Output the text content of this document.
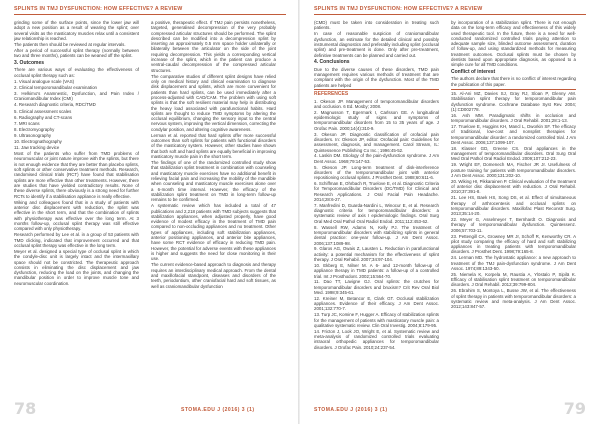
SPLINTS IN TMJ DYSFUNCTION: HOW EFFECTIVE? A REVIEW

grinding some of the surface points, since the lower jaw will adopt a new position as a result of wearing the splint; over several visits as the masticatory muscles relax until a consistent jaw relationship is reached.

The patients then should be reviewed at regular intervals.

After a period of successful splint therapy (normally between two and three months), patients can be weaned off the splint.

3. Outcomes

There are various ways of evaluating the effectiveness of occlusal splint therapy such as:

1. Visual analogue scale (VAS)

2. Clinical temporomandibular examination

3. Helkimo's Anamnestic, Dysfunction, and Pain Index / Craniomandibular Index (CMI)

4. Research diagnostic criteria, RDC/TMD

5. Clinical assessment scales

6. Radiography and CT-scans

7. MRI scans

8. Electromyography

9. Ultrasonography

10. Electrognathography

11. Jaw tracking device

Most of the patients who suffer from TMD problems of neuromuscular or joint nature improve with the splints, but there is not enough evidence that they are better than placebo splints, soft splints or other conservative treatment methods. Research, randomised clinical trials (RCT) have found that stabilisation splints are more effective than other treatments. However, there are studies that have yielded contradictory results. None of these diverse splints, there obviously is a strong need for further RCTs to identify if a stabilisation appliance is really effective.

Wiking and colleagues found that in a study of patients with anterior disc displacement with reduction, the splint was effective in the short term, and that the combination of splints with physiotherapy was effective over the long term. At 3 months follow-up, occlusal splint therapy was still effective compared with only physiotherapy.

Research performed by Lee et al. in a group of 53 patients with TMD clicking, indicated that improvement occurred and that occlusal splint therapy was effective in the long term.

Meyer et al. designed a special type of occlusal splint in which the condyle-disc unit is largely intact and the intermaxillary space should not be constricted. The therapeutic approach consists in eliminating the disc displacement and jaw dysfunction, reducing the load on the joints, and changing the mandibular position in order to improve muscle tone and neuromuscular coordination.

a positive, therapeutic effect. If TMJ pain persists nonetheless, targeted, generalised decompression of the very probably compressed articular structures should be performed. The splint described can be modified into a decompression splint by inserting an approximately 0.5 mm space holder unilaterally or bilaterally between the articulator on the side of the joint requiring decompression. This yields a corresponding vertical increase of the splint, which in the patient can produce a ventral-caudal decompression of the compressed articular structures.

The comparative studies of different splint designs have relied only on medical history and clinical examination to diagnose disk displacement and splints, which are more convenient for patients than hard splints, can be used immediately after a process-adjusted with CAD/CAM. The problem with using soft splints is that the soft resilient material may help in distributing the heavy load associated with parafunctional habits. Hard splints are thought to reduce TMD symptoms by altering the occlusal equilibrium, changing the sensory input to the central nervous system, improving the vertical dimension, correcting the condylar position, and altering cognitive awareness.

Lerman et al. reported that hard splints offer more successful outcomes than soft splints for patients with functional disorders of the masticatory system. However, other studies have shown that both soft and hard splints are equally beneficial in improving masticatory muscle pain in the short term.

The findings of one of the randomized controlled study show that stabilization splint treatment in combination with counseling and masticatory muscle exercises have no additional benefit in relieving facial pain and increasing the mobility of the mandible when counseling and masticatory muscle exercises alone over a 6-month time interval. However, the efficacy of the stabilization splint treatment on TMD in long-term follow-up remains to be confirmed.

A systematic review which has included a total of 47 publications and 2,218 patients with TMD subjects suggests that stabilization appliances, when adjusted properly, have good evidence of modest efficacy in the treatment of TMD pain compared to non-occluding appliances and no treatment. Other types of appliances, including soft stabilization appliances, anterior positioning appliances, and anterior bite appliances, have some RCT evidence of efficacy in reducing TMD pain. However, the potential for adverse events with these appliances is higher and suggests the need for close monitoring in their use.

The current evidence-based approach to diagnosis and therapy requires an interdisciplinary medical approach. From the dental and maxillofacial standpoint, diseases and disorders of the teeth, periodontium, other craniofacial hard and soft tissues, as well as craniomandibular dysfunction

78	STOMA.EDU J (2016) 3 (1)
SPLINTS IN TMJ DYSFUNCTION: HOW EFFECTIVE? A REVIEW

(CMD) must be taken into consideration in treating such patients.

In case of reasonable suspicion of craniomandibular dysfunction, an estimate for the detailed clinical and possibly instrumental diagnostics and preferably including splint (occlusal splint) and pre-treatment is done. Only after pre-treatment, definitive treatments can be planned and carried out.

4. Conclusions

Due to the diverse causes of these disorders, TMD pain management requires various methods of treatment that are compliant with the origin of the dysfunction. Most of the TMD patients are helped

REFERENCES
1. Okeson JP. Management of temporomandibular disorders and occlusion. 6 Ed. Mosby; 2008.
2. Magnusson T, Egermark I, Carlsson GE. A longitudinal epidemiologic study of signs and symptoms of temporomandibular disorders from 15 to 35 years of age. J Orofac Pain. 2000;14(4):310-9.
3. Okeson JP. Diagnostic classification of orofacial pain disorders. In: Okeson JP, editor. Orofacial pain: Guidelines for assessment, diagnosis, and management. Carol Stream, IL: Quintessence Publishing Co Inc.; 1996:45-52.
4. Laskin DM. Etiology of the pain-dysfunction syndrome. J Am Dent Assoc. 1969;79:147-53.
5. Okeson JP. Long-term treatment of disk-interference disorders of the temporomandibular joint with anterior repositioning occlusal splints. J Prosthet Dent. 1988;60:611-6.
6. Schiffman E, Ohrbach R, Truelove E, et al. Diagnostic Criteria for Temporomandibular Disorders (DC/TMD) for Clinical and Research Applications. J Oral Facial Pain Headache. 2014;28:6-27.
7. Manfredini D, Guarda-Nardini L, Winocur E, et al. Research diagnostic criteria for temporomandibular disorders: a systematic review of axis I epidemiologic findings. Oral Surg Oral Med Oral Pathol Oral Radiol Endod. 2011;112:453-62.
8. Wassell RW, Adams N, Kelly PJ. The treatment of temporomandibular disorders with stabilizing splints in general dental practice: one-year follow-up. J Am Dent Assoc. 2006;137:1089-98.
9. Glaros AG, Owais Z, Lausten L. Reduction in parafunctional activity: a potential mechanism for the effectiveness of splint therapy. J Oral Rehabil. 2007;34:97-104.
10. Ekberg E, Nilner M. A 6- and 12-month follow-up of appliance therapy in TMD patients: a follow-up of a controlled trial. Int J Prosthodont. 2002;15:564-70.
11. Dao TT, Lavigne GJ. Oral splints: the crutches for temporomandibular disorders and bruxism? Crit Rev Oral Biol Med. 1998;9:345-61.
12. Kreiner M, Betancor E, Clark GT. Occlusal stabilization appliances. Evidence of their efficacy. J Am Dent Assoc. 2001;132:770-7.
13. Turp JC, Komine F, Hugger A. Efficacy of stabilization splints for the management of patients with masticatory muscle pain: a qualitative systematic review. Clin Oral Investig. 2004;8:179-95.
14. Fricton J, Look JO, Wright E, et al. Systematic review and meta-analysis of randomized controlled trials evaluating intraoral orthopedic appliances for temporomandibular disorders. J Orofac Pain. 2010;24:237-54.

by incorporation of a stabilization splint. There is not enough data on the long-term efficacy and effectiveness of this widely used therapeutic tool. In the future, there is a need for well-conducted randomized controlled trials paying attention to adequate sample size, blinded outcome assessment, duration of follow-up, and using standardized methods for measuring treatment outcomes. Occlusal splints must be chosen by dentists based upon appropriate diagnosis, as opposed to a simple cure for all TMD conditions.

Conflict of interest

The authors declare that there is no conflict of interest regarding the publication of this paper.

15. Al-Ani MZ, Davies SJ, Gray RJ, Sloan P, Glenny AM. Stabilisation splint therapy for temporomandibular pain dysfunction syndrome. Cochrane Database Syst Rev. 2004;(1):CD002778.
16. Ash MM. Paradigmatic shifts in occlusion and temporomandibular disorders. J Oral Rehabil. 2001;28:1-13.
17. Truelove E, Huggins KH, Mancl L, Dworkin SF. The efficacy of traditional, low-cost and nonsplint therapies for temporomandibular disorder: a randomized controlled trial. J Am Dent Assoc. 2006;137:1099-107.
18. Klasser GD, Greene CS. Oral appliances in the management of temporomandibular disorders. Oral Surg Oral Med Oral Pathol Oral Radiol Endod. 2009;107:212-23.
19. Wright EF, Domenech MA, Fischer JR Jr. Usefulness of posture training for patients with temporomandibular disorders. J Am Dent Assoc. 2000;131:202-10.
20. Wiking HI, Pikkarainen P. Clinical evaluation of the treatment of anterior disc displacement with reduction. J Oral Rehabil. 2010;37:391-8.
21. Lee HS, Baek HS, Song DS, et al. Effect of simultaneous therapy of arthrocentesis and occlusal splints on temporomandibular disorders. Maxillofac Plast Reconstr Surg. 2013;35:14-20.
22. Meyer G, Asselmeyer T, Bernhardt O. Diagnosis and therapy of temporomandibular dysfunction. Quintessenz. 2006;57:703-11.
23. Pettengill CA, Growney MR Jr, Schoff R, Kenworthy CR. A pilot study comparing the efficacy of hard and soft stabilizing appliances in treating patients with temporomandibular disorders. J Prosthet Dent. 1998;79:165-8.
24. Lerman MD. The hydrostatic appliance: a new approach to treatment of the TMJ pain-dysfunction syndrome. J Am Dent Assoc. 1974;89:1343-50.
25. Niemela K, Korpela M, Raustia A, Ylöstalo P, Sipilä K. Efficacy of stabilisation splint treatment on temporomandibular disorders. J Oral Rehabil. 2012;39:799-804.
26. Ebrahim S, Montoya L, Busse JW, et al. The effectiveness of splint therapy in patients with temporomandibular disorders: a systematic review and meta-analysis. J Am Dent Assoc. 2012;143:847-57.
STOMA.EDU J (2016) 3 (1)	79
